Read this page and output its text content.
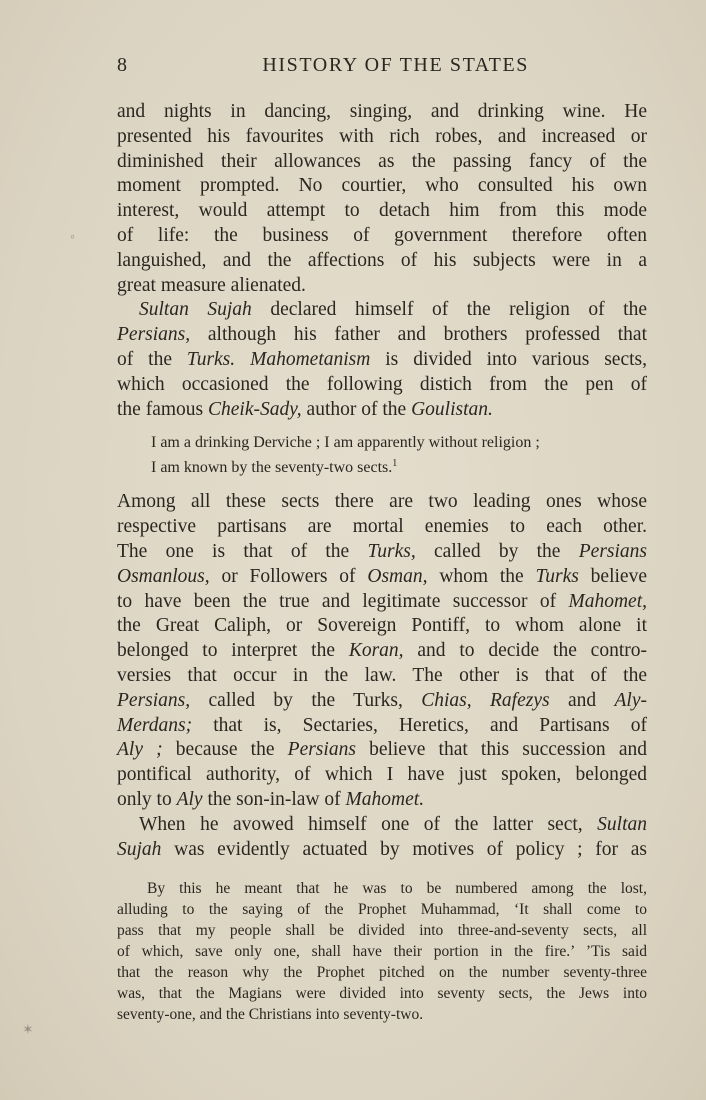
8	HISTORY OF THE STATES
◦

and nights in dancing, singing, and drinking wine. He
presented his favourites with rich robes, and increased or
diminished their allowances as the passing fancy of the
moment prompted. No courtier, who consulted his own
interest, would attempt to detach him from this mode
of life: the business of government therefore often
languished, and the affections of his subjects were in a
great measure alienated.

Sultan Sujah declared himself of the religion of the
Persians, although his father and brothers professed that
of the Turks. Mahometanism is divided into various sects,
which occasioned the following distich from the pen of
the famous Cheik-Sady, author of the Goulistan.

I am a drinking Derviche ; I am apparently without religion ;
I am known by the seventy-two sects.$^1$

Among all these sects there are two leading ones whose
respective partisans are mortal enemies to each other.
The one is that of the Turks, called by the Persians
Osmanlous, or Followers of Osman, whom the Turks believe
to have been the true and legitimate successor of Mahomet,
the Great Caliph, or Sovereign Pontiff, to whom alone it
belonged to interpret the Koran, and to decide the contro-
versies that occur in the law. The other is that of the
Persians, called by the Turks, Chias, Rafezys and Aly-
Merdans; that is, Sectaries, Heretics, and Partisans of
Aly ; because the Persians believe that this succession and
pontifical authority, of which I have just spoken, belonged
only to Aly the son-in-law of Mahomet.

When he avowed himself one of the latter sect, Sultan
Sujah was evidently actuated by motives of policy ; for as

By this he meant that he was to be numbered among the lost,
alluding to the saying of the Prophet Muhammad, ‘It shall come to
pass that my people shall be divided into three-and-seventy sects, all
of which, save only one, shall have their portion in the fire.’ ’Tis said
that the reason why the Prophet pitched on the number seventy-three
was, that the Magians were divided into seventy sects, the Jews into
seventy-one, and the Christians into seventy-two.
✶
